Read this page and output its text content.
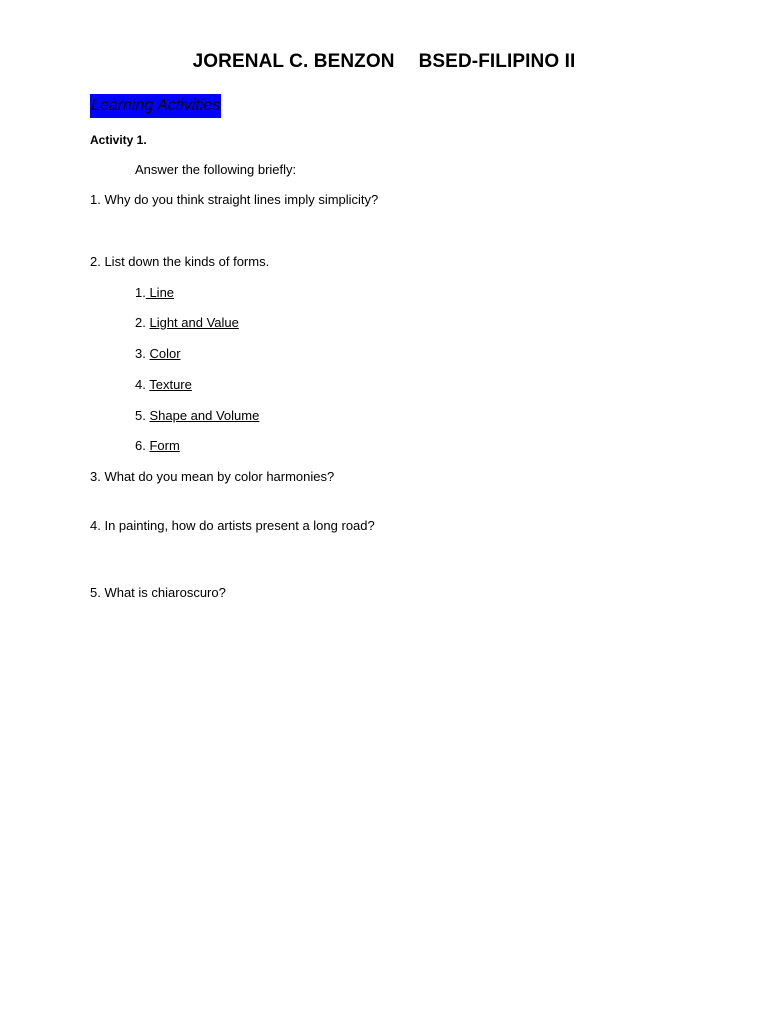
JORENAL C. BENZON BSED-FILIPINO II
Learning Activities
Activity 1.
Answer the following briefly:
1. Why do you think straight lines imply simplicity?
2. List down the kinds of forms.
1. Line
2. Light and Value
3. Color
4. Texture
5. Shape and Volume
6. Form
3. What do you mean by color harmonies?
4. In painting, how do artists present a long road?
5. What is chiaroscuro?
